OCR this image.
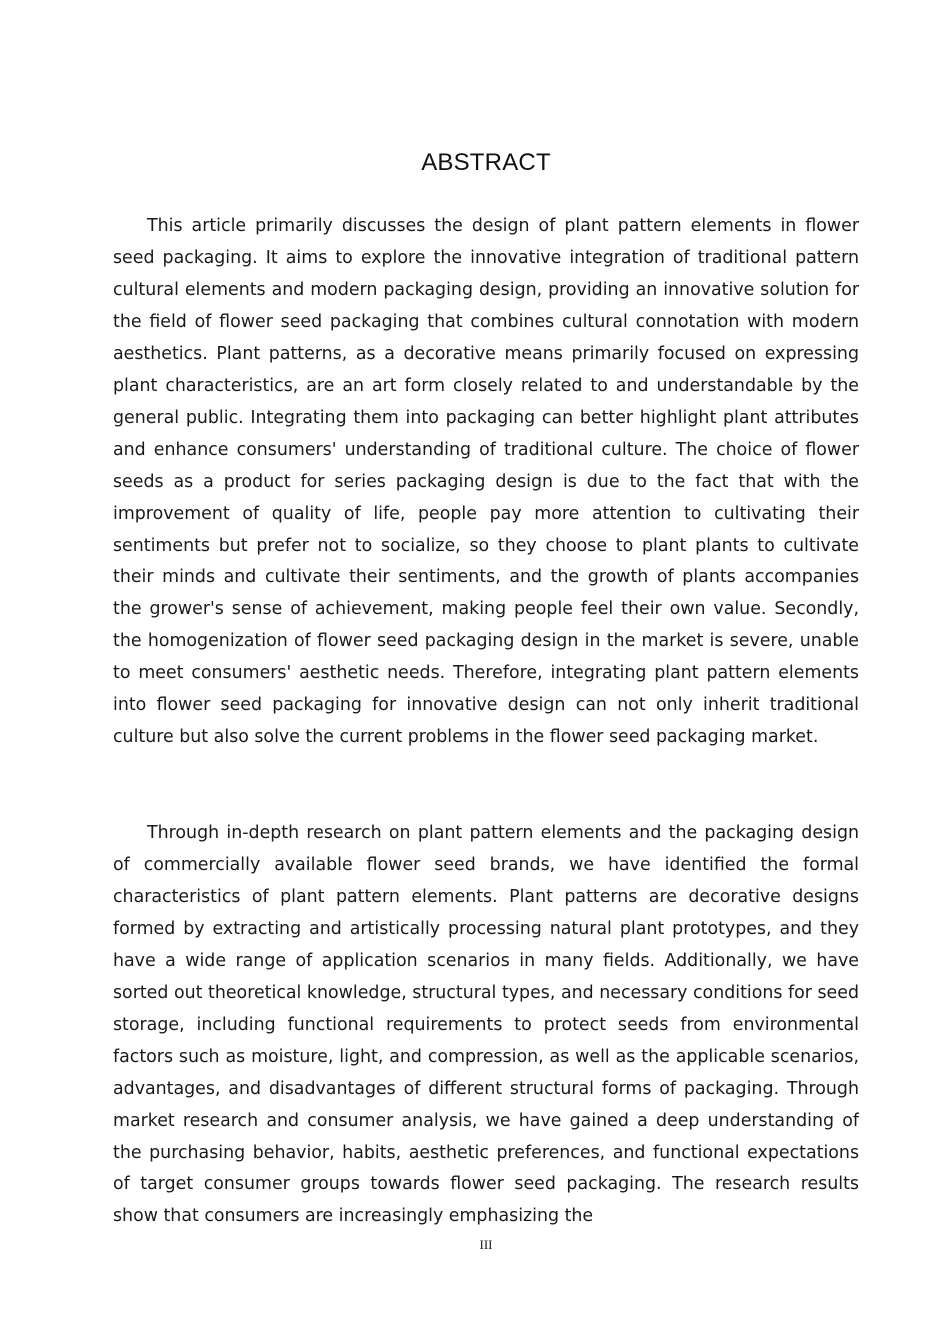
ABSTRACT

This article primarily discusses the design of plant pattern elements in flower seed packaging. It aims to explore the innovative integration of traditional pattern cultural elements and modern packaging design, providing an innovative solution for the field of flower seed packaging that combines cultural connotation with modern aesthetics. Plant patterns, as a decorative means primarily focused on expressing plant characteristics, are an art form closely related to and understandable by the general public. Integrating them into packaging can better highlight plant attributes and enhance consumers' understanding of traditional culture. The choice of flower seeds as a product for series packaging design is due to the fact that with the improvement of quality of life, people pay more attention to cultivating their sentiments but prefer not to socialize, so they choose to plant plants to cultivate their minds and cultivate their sentiments, and the growth of plants accompanies the grower's sense of achievement, making people feel their own value. Secondly, the homogenization of flower seed packaging design in the market is severe, unable to meet consumers' aesthetic needs. Therefore, integrating plant pattern elements into flower seed packaging for innovative design can not only inherit traditional culture but also solve the current problems in the flower seed packaging market.

Through in-depth research on plant pattern elements and the packaging design of commercially available flower seed brands, we have identified the formal characteristics of plant pattern elements. Plant patterns are decorative designs formed by extracting and artistically processing natural plant prototypes, and they have a wide range of application scenarios in many fields. Additionally, we have sorted out theoretical knowledge, structural types, and necessary conditions for seed storage, including functional requirements to protect seeds from environmental factors such as moisture, light, and compression, as well as the applicable scenarios, advantages, and disadvantages of different structural forms of packaging. Through market research and consumer analysis, we have gained a deep understanding of the purchasing behavior, habits, aesthetic preferences, and functional expectations of target consumer groups towards flower seed packaging. The research results show that consumers are increasingly emphasizing the

III
